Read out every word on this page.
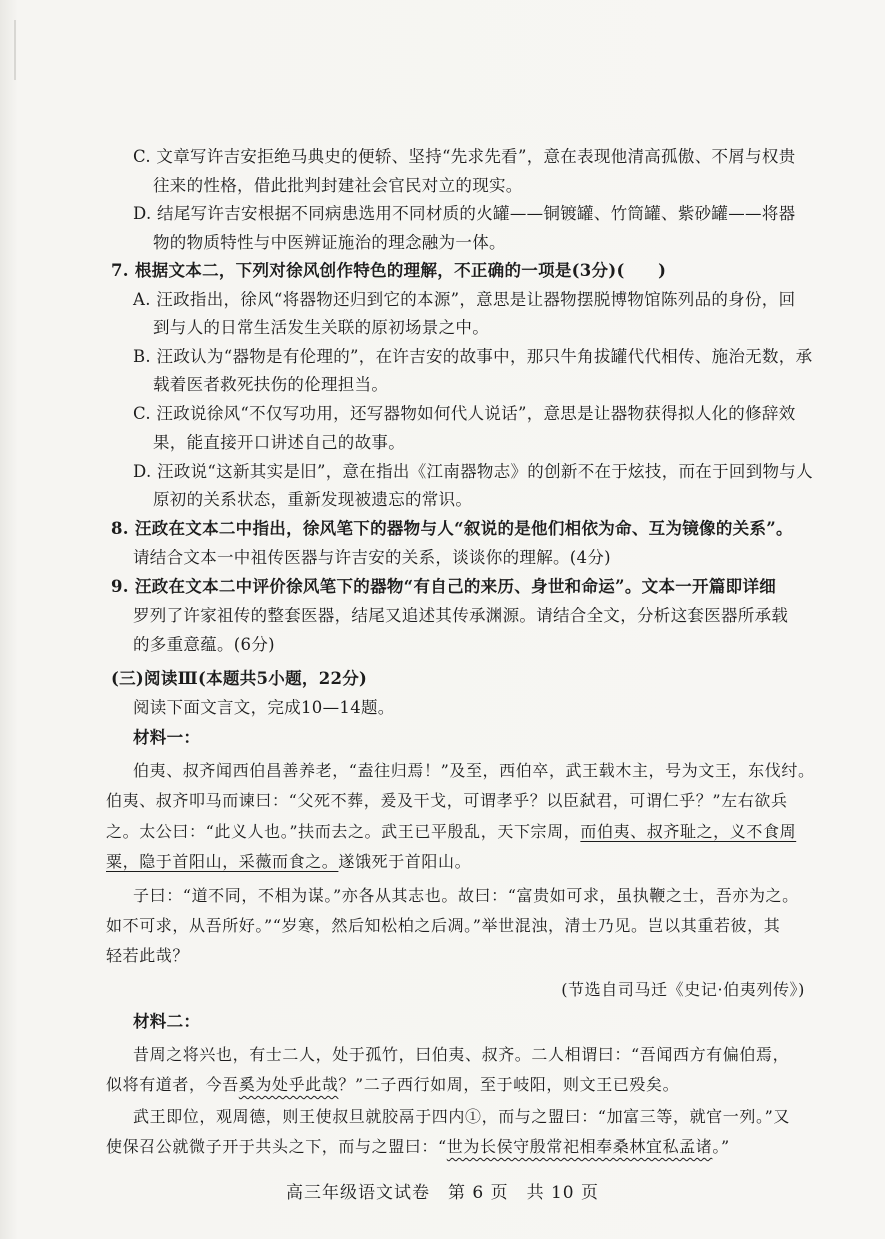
C. 文章写许吉安拒绝马典史的便轿、坚持“先求先看”，意在表现他清高孤傲、不屑与权贵

往来的性格，借此批判封建社会官民对立的现实。

D. 结尾写许吉安根据不同病患选用不同材质的火罐——铜镀罐、竹筒罐、紫砂罐——将器

物的物质特性与中医辨证施治的理念融为一体。

7. 根据文本二，下列对徐风创作特色的理解，不正确的一项是(3分)(　　)

A. 汪政指出，徐风“将器物还归到它的本源”，意思是让器物摆脱博物馆陈列品的身份，回

到与人的日常生活发生关联的原初场景之中。

B. 汪政认为“器物是有伦理的”，在许吉安的故事中，那只牛角拔罐代代相传、施治无数，承

载着医者救死扶伤的伦理担当。

C. 汪政说徐风“不仅写功用，还写器物如何代人说话”，意思是让器物获得拟人化的修辞效

果，能直接开口讲述自己的故事。

D. 汪政说“这新其实是旧”，意在指出《江南器物志》的创新不在于炫技，而在于回到物与人

原初的关系状态，重新发现被遗忘的常识。

8. 汪政在文本二中指出，徐风笔下的器物与人“叙说的是他们相依为命、互为镜像的关系”。

请结合文本一中祖传医器与许吉安的关系，谈谈你的理解。(4分)

9. 汪政在文本二中评价徐风笔下的器物“有自己的来历、身世和命运”。文本一开篇即详细

罗列了许家祖传的整套医器，结尾又追述其传承渊源。请结合全文，分析这套医器所承载

的多重意蕴。(6分)

(三)阅读Ⅲ(本题共5小题，22分)

阅读下面文言文，完成10—14题。

材料一：

伯夷、叔齐闻西伯昌善养老，“盍往归焉！”及至，西伯卒，武王载木主，号为文王，东伐纣。

伯夷、叔齐叩马而谏曰：“父死不葬，爰及干戈，可谓孝乎？以臣弑君，可谓仁乎？”左右欲兵

之。太公曰：“此义人也。”扶而去之。武王已平殷乱，天下宗周，而伯夷、叔齐耻之，义不食周

粟，隐于首阳山，采薇而食之。遂饿死于首阳山。

子曰：“道不同，不相为谋。”亦各从其志也。故曰：“富贵如可求，虽执鞭之士，吾亦为之。

如不可求，从吾所好。”“岁寒，然后知松柏之后凋。”举世混浊，清士乃见。岂以其重若彼，其

轻若此哉？

(节选自司马迁《史记·伯夷列传》)

材料二：

昔周之将兴也，有士二人，处于孤竹，曰伯夷、叔齐。二人相谓曰：“吾闻西方有偏伯焉，

似将有道者，今吾奚为处乎此哉？”二子西行如周，至于岐阳，则文王已殁矣。

武王即位，观周德，则王使叔旦就胶鬲于四内①，而与之盟曰：“加富三等，就官一列。”又

使保召公就微子开于共头之下，而与之盟曰：“世为长侯守殷常祀相奉桑林宜私孟诸。”

高三年级语文试卷　第 6 页　共 10 页
